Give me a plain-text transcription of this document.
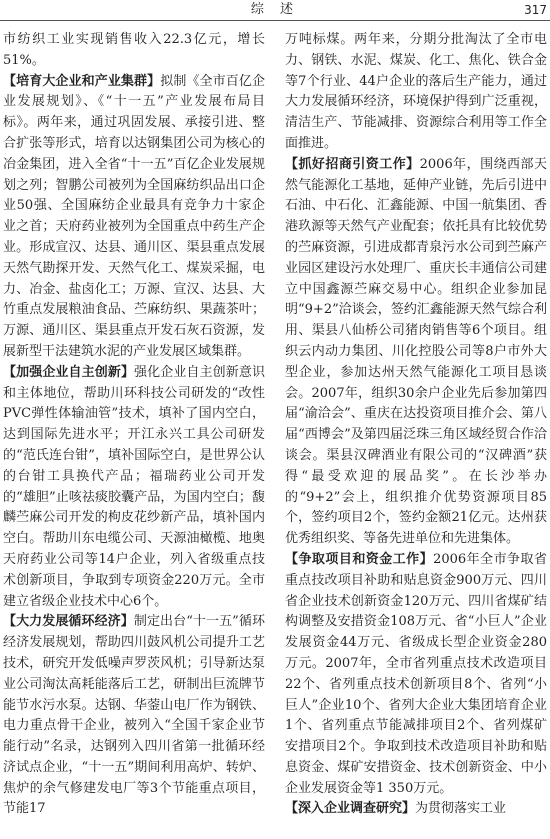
综 述	317

市纺织工业实现销售收入22.3亿元，增长51%。

【培育大企业和产业集群】拟制《全市百亿企业发展规划》、《“十一五”产业发展布局目标》。两年来，通过巩固发展、承接引进、整合扩张等形式，培育以达钢集团公司为核心的冶金集团，进入全省“十一五”百亿企业发展规划之列；智鹏公司被列为全国麻纺织品出口企业50强、全国麻纺企业最具有竞争力十家企业之首；天府药业被列为全国重点中药生产企业。形成宣汉、达县、通川区、渠县重点发展天然气勘探开发、天然气化工、煤炭采掘，电力、冶金、盐卤化工；万源、宣汉、达县、大竹重点发展粮油食品、苎麻纺织、果蔬茶叶；万源、通川区、渠县重点开发石灰石资源，发展新型干法建筑水泥的产业发展区域集群。

【加强企业自主创新】强化企业自主创新意识和主体地位，帮助川环科技公司研发的“改性PVC弹性体输油管”技术，填补了国内空白，达到国际先进水平；开江永兴工具公司研发的“范氏连台钳”，填补国际空白，是世界公认的台钳工具换代产品；福瑞药业公司开发的“雄胆”止咳祛痰胶囊产品，为国内空白；馥麟苎麻公司开发的枸皮花纱新产品，填补国内空白。帮助川东电缆公司、天源油橄榄、地奥天府药业公司等14户企业，列入省级重点技术创新项目，争取到专项资金220万元。全市建立省级企业技术中心6个。

【大力发展循环经济】制定出台“十一五”循环经济发展规划，帮助四川鼓风机公司提升工艺技术，研究开发低噪声罗茨风机；引导新达泵业公司淘汰高耗能落后工艺，研制出巨流牌节能节水污水泵。达钢、华蓥山电厂作为钢铁、电力重点骨干企业，被列入“全国千家企业节能行动”名录，达钢列入四川省第一批循环经济试点企业，“十一五”期间利用高炉、转炉、焦炉的余气修建发电厂等3个节能重点项目，节能17

万吨标煤。两年来，分期分批淘汰了全市电力、钢铁、水泥、煤炭、化工、焦化、铁合金等7个行业、44户企业的落后生产能力，通过大力发展循环经济，环境保护得到广泛重视，清洁生产、节能减排、资源综合利用等工作全面推进。

【抓好招商引资工作】2006年，围绕西部天然气能源化工基地，延伸产业链，先后引进中石油、中石化、汇鑫能源、中国一航集团、香港玖源等天然气产业配套；依托具有比较优势的苎麻资源，引进成都青泉污水公司到苎麻产业园区建设污水处理厂、重庆长丰通信公司建立中国鑫源苎麻交易中心。组织企业参加昆明“9+2”洽谈会，签约汇鑫能源天然气综合利用、渠县八仙桥公司猪肉销售等6个项目。组织云内动力集团、川化控股公司等8户市外大型企业，参加达州天然气能源化工项目恳谈会。2007年，组织30余户企业先后参加第四届“渝洽会”、重庆在达投资项目推介会、第八届“西博会”及第四届泛珠三角区域经贸合作洽谈会。渠县汉碑酒业有限公司的“汉碑酒”获得“最受欢迎的展品奖”。在长沙举办的“9+2”会上，组织推介优势资源项目85个，签约项目2个，签约金额21亿元。达州获优秀组织奖、等备先进单位和先进集体。

【争取项目和资金工作】2006年全市争取省重点技改项目补助和贴息资金900万元、四川省企业技术创新资金120万元、四川省煤矿结构调整及安措资金108万元、省“小巨人”企业发展资金44万元、省级成长型企业资金280万元。2007年，全市省列重点技术改造项目22个、省列重点技术创新项目8个、省列“小巨人”企业10个、省列大企业大集团培育企业1个、省列重点节能减排项目2个、省列煤矿安措项目2个。争取到技术改造项目补助和贴息资金、煤矿安措资金、技术创新资金、中小企业发展资金等1 350万元。

【深入企业调查研究】为贯彻落实工业
